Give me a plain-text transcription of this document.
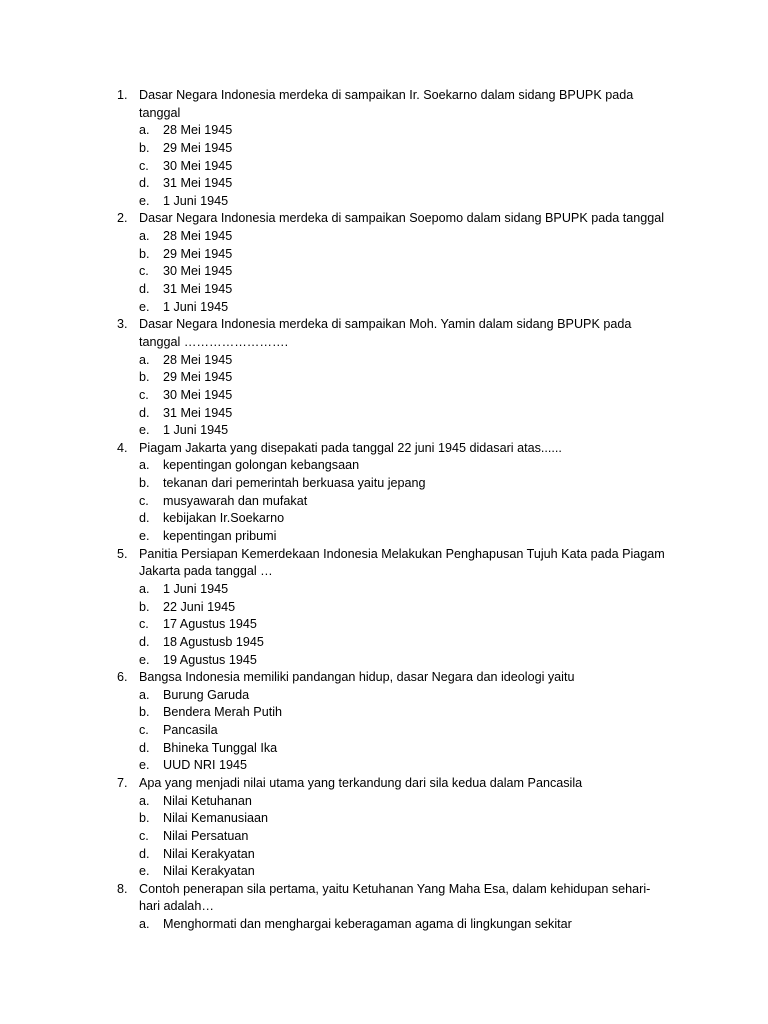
1. Dasar Negara Indonesia merdeka di sampaikan Ir. Soekarno dalam sidang BPUPK pada
tanggal
a. 28 Mei 1945
b. 29 Mei 1945
c. 30 Mei 1945
d. 31 Mei 1945
e. 1 Juni 1945
2. Dasar Negara Indonesia merdeka di sampaikan Soepomo dalam sidang BPUPK pada tanggal
a. 28 Mei 1945
b. 29 Mei 1945
c. 30 Mei 1945
d. 31 Mei 1945
e. 1 Juni 1945
3. Dasar Negara Indonesia merdeka di sampaikan Moh. Yamin dalam sidang BPUPK pada
tanggal …………………….
a. 28 Mei 1945
b. 29 Mei 1945
c. 30 Mei 1945
d. 31 Mei 1945
e. 1 Juni 1945
4. Piagam Jakarta yang disepakati pada tanggal 22 juni 1945 didasari atas......
a. kepentingan golongan kebangsaan
b. tekanan dari pemerintah berkuasa yaitu jepang
c. musyawarah dan mufakat
d. kebijakan Ir.Soekarno
e. kepentingan pribumi
5. Panitia Persiapan Kemerdekaan Indonesia Melakukan Penghapusan Tujuh Kata pada Piagam
Jakarta pada tanggal …
a. 1 Juni 1945
b. 22 Juni 1945
c. 17 Agustus 1945
d. 18 Agustusb 1945
e. 19 Agustus 1945
6. Bangsa Indonesia memiliki pandangan hidup, dasar Negara dan ideologi yaitu
a. Burung Garuda
b. Bendera Merah Putih
c. Pancasila
d. Bhineka Tunggal Ika
e. UUD NRI 1945
7. Apa yang menjadi nilai utama yang terkandung dari sila kedua dalam Pancasila
a. Nilai Ketuhanan
b. Nilai Kemanusiaan
c. Nilai Persatuan
d. Nilai Kerakyatan
e. Nilai Kerakyatan
8. Contoh penerapan sila pertama, yaitu Ketuhanan Yang Maha Esa, dalam kehidupan sehari-
hari adalah…
a. Menghormati dan menghargai keberagaman agama di lingkungan sekitar
